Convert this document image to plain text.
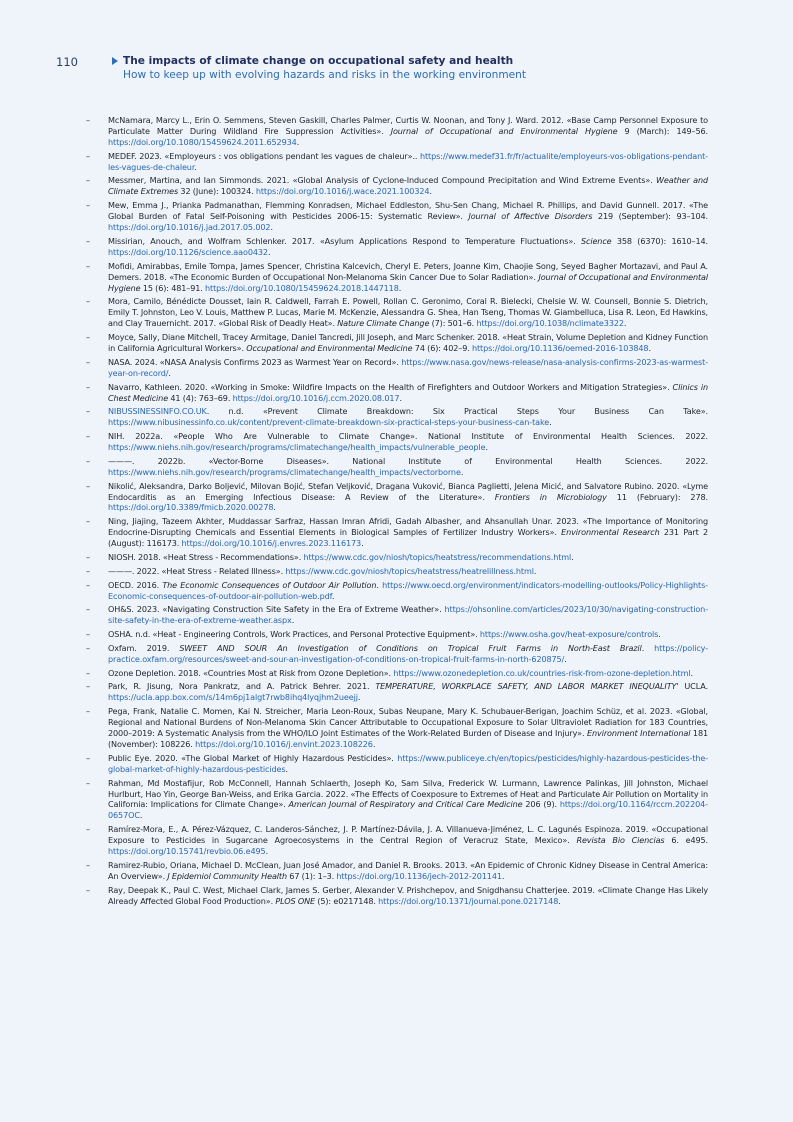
110	The impacts of climate change on occupational safety and health
How to keep up with evolving hazards and risks in the working environment
–	McNamara, Marcy L., Erin O. Semmens, Steven Gaskill, Charles Palmer, Curtis W. Noonan, and Tony J. Ward. 2012. «Base Camp Personnel Exposure to Particulate Matter During Wildland Fire Suppression Activities». Journal of Occupational and Environmental Hygiene 9 (March): 149–56. https://doi.org/10.1080/15459624.2011.652934.
–	MEDEF. 2023. «Employeurs : vos obligations pendant les vagues de chaleur».. https://www.medef31.fr/fr/actualite/employeurs-vos-obligations-pendant-les-vagues-de-chaleur.
–	Messmer, Martina, and Ian Simmonds. 2021. «Global Analysis of Cyclone-Induced Compound Precipitation and Wind Extreme Events». Weather and Climate Extremes 32 (June): 100324. https://doi.org/10.1016/j.wace.2021.100324.
–	Mew, Emma J., Prianka Padmanathan, Flemming Konradsen, Michael Eddleston, Shu-Sen Chang, Michael R. Phillips, and David Gunnell. 2017. «The Global Burden of Fatal Self-Poisoning with Pesticides 2006-15: Systematic Review». Journal of Affective Disorders 219 (September): 93–104. https://doi.org/10.1016/j.jad.2017.05.002.
–	Missirian, Anouch, and Wolfram Schlenker. 2017. «Asylum Applications Respond to Temperature Fluctuations». Science 358 (6370): 1610–14. https://doi.org/10.1126/science.aao0432.
–	Mofidi, Amirabbas, Emile Tompa, James Spencer, Christina Kalcevich, Cheryl E. Peters, Joanne Kim, Chaojie Song, Seyed Bagher Mortazavi, and Paul A. Demers. 2018. «The Economic Burden of Occupational Non-Melanoma Skin Cancer Due to Solar Radiation». Journal of Occupational and Environmental Hygiene 15 (6): 481–91. https://doi.org/10.1080/15459624.2018.1447118.
–	Mora, Camilo, Bénédicte Dousset, Iain R. Caldwell, Farrah E. Powell, Rollan C. Geronimo, Coral R. Bielecki, Chelsie W. W. Counsell, Bonnie S. Dietrich, Emily T. Johnston, Leo V. Louis, Matthew P. Lucas, Marie M. McKenzie, Alessandra G. Shea, Han Tseng, Thomas W. Giambelluca, Lisa R. Leon, Ed Hawkins, and Clay Trauernicht. 2017. «Global Risk of Deadly Heat». Nature Climate Change (7): 501–6. https://doi.org/10.1038/nclimate3322.
–	Moyce, Sally, Diane Mitchell, Tracey Armitage, Daniel Tancredi, Jill Joseph, and Marc Schenker. 2018. «Heat Strain, Volume Depletion and Kidney Function in California Agricultural Workers». Occupational and Environmental Medicine 74 (6): 402–9. https://doi.org/10.1136/oemed-2016-103848.
–	NASA. 2024. «NASA Analysis Confirms 2023 as Warmest Year on Record». https://www.nasa.gov/news-release/nasa-analysis-confirms-2023-as-warmest-year-on-record/.
–	Navarro, Kathleen. 2020. «Working in Smoke: Wildfire Impacts on the Health of Firefighters and Outdoor Workers and Mitigation Strategies». Clinics in Chest Medicine 41 (4): 763–69. https://doi.org/10.1016/j.ccm.2020.08.017.
–	NIBUSSINESSINFO.CO.UK. n.d. «Prevent Climate Breakdown: Six Practical Steps Your Business Can Take». https://www.nibusinessinfo.co.uk/content/prevent-climate-breakdown-six-practical-steps-your-business-can-take.
–	NIH. 2022a. «People Who Are Vulnerable to Climate Change». National Institute of Environmental Health Sciences. 2022. https://www.niehs.nih.gov/research/programs/climatechange/health_impacts/vulnerable_people.
–	———. 2022b. «Vector-Borne Diseases». National Institute of Environmental Health Sciences. 2022. https://www.niehs.nih.gov/research/programs/climatechange/health_impacts/vectorborne.
–	Nikolić, Aleksandra, Darko Boljević, Milovan Bojić, Stefan Veljković, Dragana Vuković, Bianca Paglietti, Jelena Micić, and Salvatore Rubino. 2020. «Lyme Endocarditis as an Emerging Infectious Disease: A Review of the Literature». Frontiers in Microbiology 11 (February): 278. https://doi.org/10.3389/fmicb.2020.00278.
–	Ning, Jiajing, Tazeem Akhter, Muddassar Sarfraz, Hassan Imran Afridi, Gadah Albasher, and Ahsanullah Unar. 2023. «The Importance of Monitoring Endocrine-Disrupting Chemicals and Essential Elements in Biological Samples of Fertilizer Industry Workers». Environmental Research 231 Part 2 (August): 116173. https://doi.org/10.1016/j.envres.2023.116173.
–	NIOSH. 2018. «Heat Stress - Recommendations». https://www.cdc.gov/niosh/topics/heatstress/recommendations.html.
–	———. 2022. «Heat Stress - Related Illness». https://www.cdc.gov/niosh/topics/heatstress/heatrelillness.html.
–	OECD. 2016. The Economic Consequences of Outdoor Air Pollution. https://www.oecd.org/environment/indicators-modelling-outlooks/Policy-Highlights-Economic-consequences-of-outdoor-air-pollution-web.pdf.
–	OH&S. 2023. «Navigating Construction Site Safety in the Era of Extreme Weather». https://ohsonline.com/articles/2023/10/30/navigating-construction-site-safety-in-the-era-of-extreme-weather.aspx.
–	OSHA. n.d. «Heat - Engineering Controls, Work Practices, and Personal Protective Equipment». https://www.osha.gov/heat-exposure/controls.
–	Oxfam. 2019. SWEET AND SOUR An Investigation of Conditions on Tropical Fruit Farms in North-East Brazil. https://policy-practice.oxfam.org/resources/sweet-and-sour-an-investigation-of-conditions-on-tropical-fruit-farms-in-north-620875/.
–	Ozone Depletion. 2018. «Countries Most at Risk from Ozone Depletion». https://www.ozonedepletion.co.uk/countries-risk-from-ozone-depletion.html.
–	Park, R. Jisung, Nora Pankratz, and A. Patrick Behrer. 2021. TEMPERATURE, WORKPLACE SAFETY, AND LABOR MARKET INEQUALITY' UCLA. https://ucla.app.box.com/s/14m6pj1algt7rwb8ihq4lyqjhm2ueejj.
–	Pega, Frank, Natalie C. Momen, Kai N. Streicher, Maria Leon-Roux, Subas Neupane, Mary K. Schubauer-Berigan, Joachim Schüz, et al. 2023. «Global, Regional and National Burdens of Non-Melanoma Skin Cancer Attributable to Occupational Exposure to Solar Ultraviolet Radiation for 183 Countries, 2000–2019: A Systematic Analysis from the WHO/ILO Joint Estimates of the Work-Related Burden of Disease and Injury». Environment International 181 (November): 108226. https://doi.org/10.1016/j.envint.2023.108226.
–	Public Eye. 2020. «The Global Market of Highly Hazardous Pesticides». https://www.publiceye.ch/en/topics/pesticides/highly-hazardous-pesticides-the-global-market-of-highly-hazardous-pesticides.
–	Rahman, Md Mostafijur, Rob McConnell, Hannah Schlaerth, Joseph Ko, Sam Silva, Frederick W. Lurmann, Lawrence Palinkas, Jill Johnston, Michael Hurlburt, Hao Yin, George Ban-Weiss, and Erika Garcia. 2022. «The Effects of Coexposure to Extremes of Heat and Particulate Air Pollution on Mortality in California: Implications for Climate Change». American Journal of Respiratory and Critical Care Medicine 206 (9). https://doi.org/10.1164/rccm.202204-0657OC.
–	Ramírez-Mora, E., A. Pérez-Vázquez, C. Landeros-Sánchez, J. P. Martínez-Dávila, J. A. Villanueva-Jiménez, L. C. Lagunés Espinoza. 2019. «Occupational Exposure to Pesticides in Sugarcane Agroecosystems in the Central Region of Veracruz State, Mexico». Revista Bio Ciencias 6. e495. https://doi.org/10.15741/revbio.06.e495.
–	Ramirez-Rubio, Oriana, Michael D. McClean, Juan José Amador, and Daniel R. Brooks. 2013. «An Epidemic of Chronic Kidney Disease in Central America: An Overview». J Epidemiol Community Health 67 (1): 1–3. https://doi.org/10.1136/jech-2012-201141.
–	Ray, Deepak K., Paul C. West, Michael Clark, James S. Gerber, Alexander V. Prishchepov, and Snigdhansu Chatterjee. 2019. «Climate Change Has Likely Already Affected Global Food Production». PLOS ONE (5): e0217148. https://doi.org/10.1371/journal.pone.0217148.
